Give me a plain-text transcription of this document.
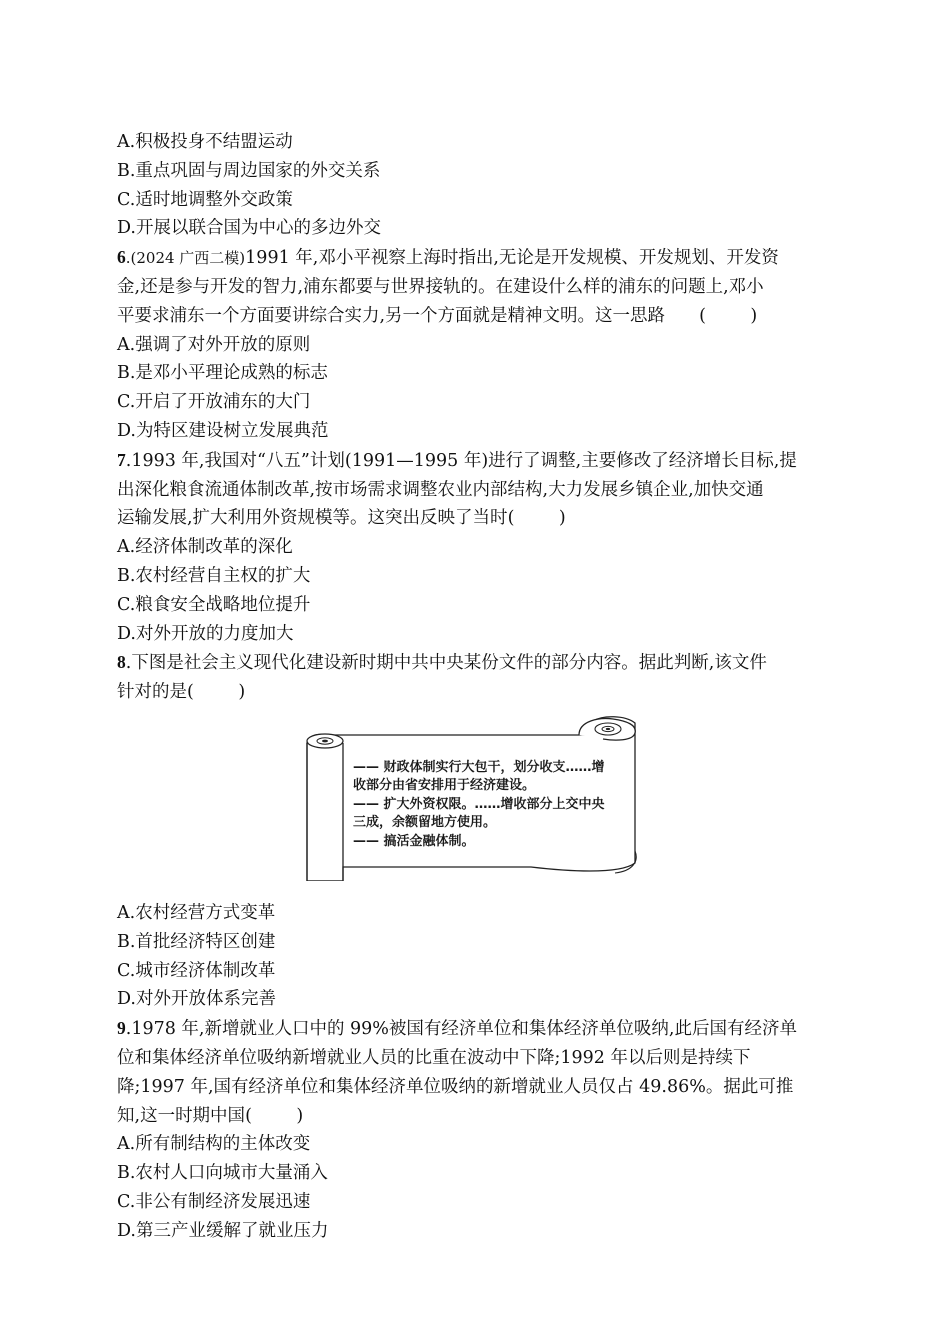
A.积极投身不结盟运动
B.重点巩固与周边国家的外交关系
C.适时地调整外交政策
D.开展以联合国为中心的多边外交
6.(2024 广西二模)1991 年,邓小平视察上海时指出,无论是开发规模、开发规划、开发资
金,还是参与开发的智力,浦东都要与世界接轨的。在建设什么样的浦东的问题上,邓小
平要求浦东一个方面要讲综合实力,另一个方面就是精神文明。这一思路 (        )
A.强调了对外开放的原则
B.是邓小平理论成熟的标志
C.开启了开放浦东的大门
D.为特区建设树立发展典范
7.1993 年,我国对“八五”计划(1991—1995 年)进行了调整,主要修改了经济增长目标,提
出深化粮食流通体制改革,按市场需求调整农业内部结构,大力发展乡镇企业,加快交通
运输发展,扩大利用外资规模等。这突出反映了当时(        )
A.经济体制改革的深化
B.农村经营自主权的扩大
C.粮食安全战略地位提升
D.对外开放的力度加大
8.下图是社会主义现代化建设新时期中共中央某份文件的部分内容。据此判断,该文件
针对的是(        )
—— 财政体制实行大包干，划分收支……增
收部分由省安排用于经济建设。
—— 扩大外资权限。……增收部分上交中央
三成，余额留地方使用。
—— 搞活金融体制。
A.农村经营方式变革
B.首批经济特区创建
C.城市经济体制改革
D.对外开放体系完善
9.1978 年,新增就业人口中的 99%被国有经济单位和集体经济单位吸纳,此后国有经济单
位和集体经济单位吸纳新增就业人员的比重在波动中下降;1992 年以后则是持续下
降;1997 年,国有经济单位和集体经济单位吸纳的新增就业人员仅占 49.86%。据此可推
知,这一时期中国(        )
A.所有制结构的主体改变
B.农村人口向城市大量涌入
C.非公有制经济发展迅速
D.第三产业缓解了就业压力
